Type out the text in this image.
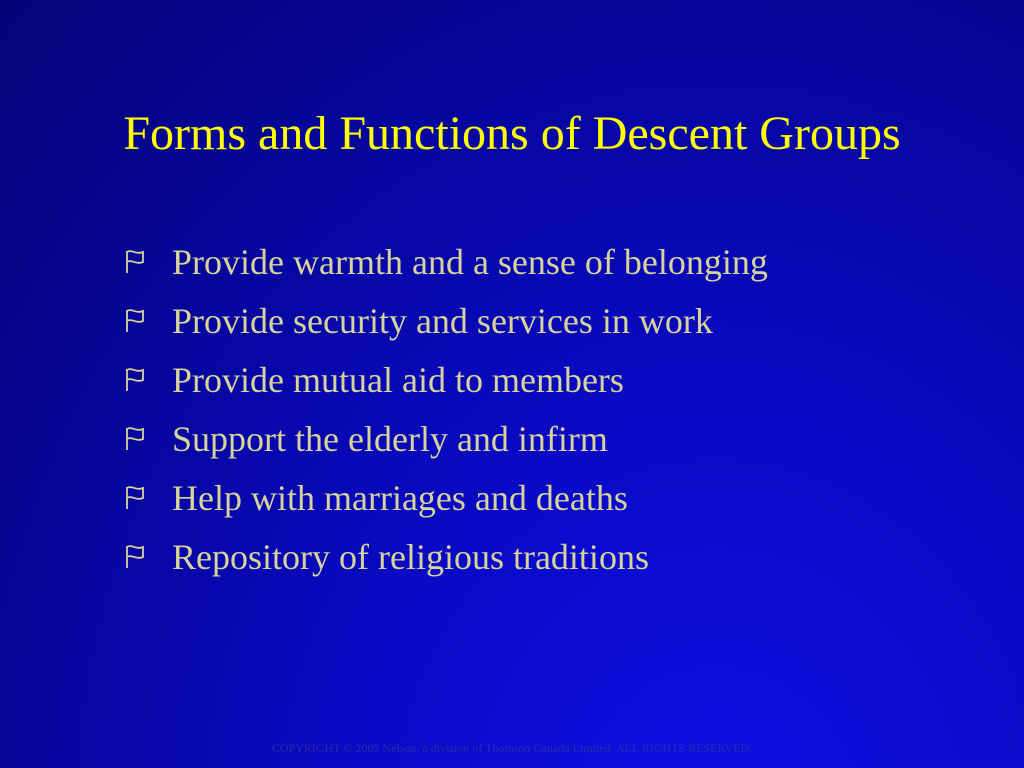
Forms and Functions of Descent Groups
Provide warmth and a sense of belonging
Provide security and services in work
Provide mutual aid to members
Support the elderly and infirm
Help with marriages and deaths
Repository of religious traditions
COPYRIGHT © 2005 Nelson, a division of Thomson Canada Limited. ALL RIGHTS RESERVED.
